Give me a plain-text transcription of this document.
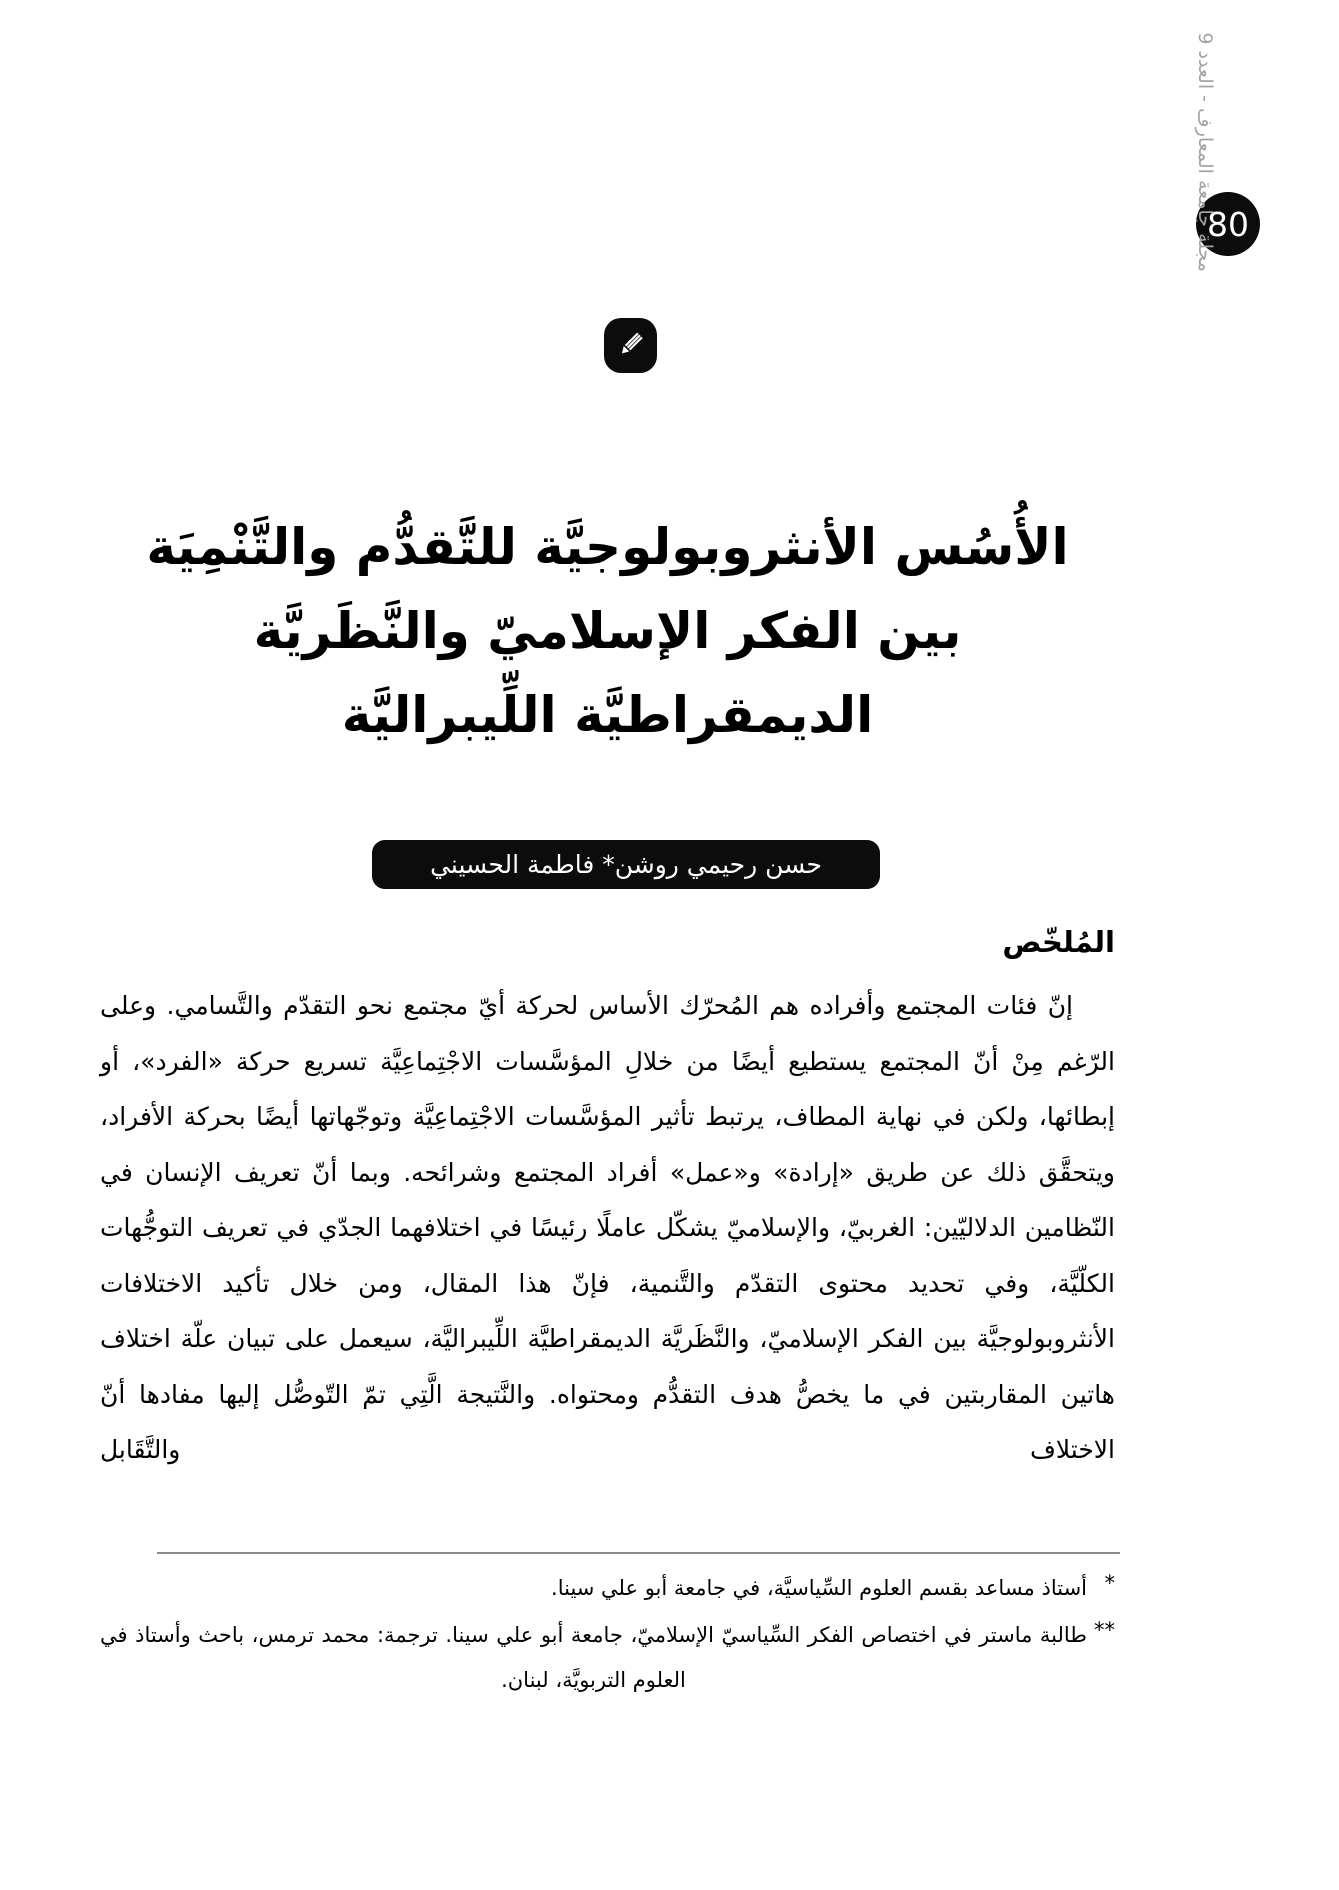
80
مجلة جامعة المعارف - العدد 9
الأُسُس الأنثروبولوجيَّة للتَّقدُّم والتَّنْمِيَة
بين الفكر الإسلاميّ والنَّظَريَّة
الديمقراطيَّة اللِّيبراليَّة
حسن رحيمي روشن* فاطمة الحسيني
المُلخّص
إنّ فئات المجتمع وأفراده هم المُحرّك الأساس لحركة أيّ مجتمع نحو التقدّم والتَّسامي. وعلى الرّغم مِنْ أنّ المجتمع يستطيع أيضًا من خلالِ المؤسَّسات الاجْتِماعِيَّة تسريع حركة «الفرد»، أو إبطائها، ولكن في نهاية المطاف، يرتبط تأثير المؤسَّسات الاجْتِماعِيَّة وتوجّهاتها أيضًا بحركة الأفراد، ويتحقَّق ذلك عن طريق «إرادة» و«عمل» أفراد المجتمع وشرائحه. وبما أنّ تعريف الإنسان في النّظامين الدلاليّين: الغربيّ، والإسلاميّ يشكّل عاملًا رئيسًا في اختلافهما الجدّي في تعريف التوجُّهات الكلّيَّة، وفي تحديد محتوى التقدّم والتَّنمية، فإنّ هذا المقال، ومن خلال تأكيد الاختلافات الأنثروبولوجيَّة بين الفكر الإسلاميّ، والنَّظَريَّة الديمقراطيَّة اللِّيبراليَّة، سيعمل على تبيان علّة اختلاف هاتين المقاربتين في ما يخصُّ هدف التقدُّم ومحتواه. والنَّتيجة الَّتِي تمّ التّوصُّل إليها مفادها أنّ الاختلاف والتَّقَابل
*
أستاذ مساعد بقسم العلوم السِّياسيَّة، في جامعة أبو علي سينا.
**
طالبة ماستر في اختصاص الفكر السِّياسيّ الإسلاميّ، جامعة أبو علي سينا. ترجمة: محمد ترمس، باحث وأستاذ في العلوم التربويَّة، لبنان.
